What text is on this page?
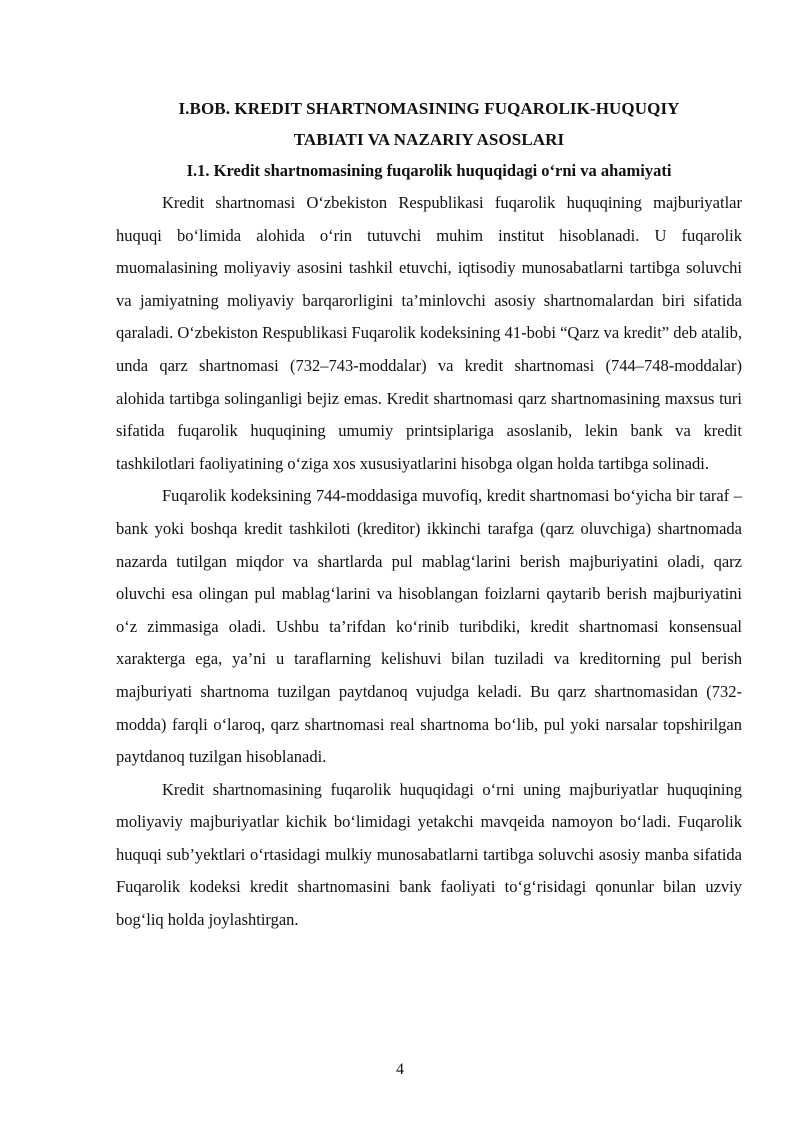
I.BOB. KREDIT SHARTNOMASINING FUQAROLIK-HUQUQIY

TABIATI VA NAZARIY ASOSLARI

I.1. Kredit shartnomasining fuqarolik huquqidagi o‘rni va ahamiyati

Kredit shartnomasi O‘zbekiston Respublikasi fuqarolik huquqining majburiyatlar huquqi bo‘limida alohida o‘rin tutuvchi muhim institut hisoblanadi. U fuqarolik muomalasining moliyaviy asosini tashkil etuvchi, iqtisodiy munosabatlarni tartibga soluvchi va jamiyatning moliyaviy barqarorligini ta’minlovchi asosiy shartnomalardan biri sifatida qaraladi. O‘zbekiston Respublikasi Fuqarolik kodeksining 41-bobi “Qarz va kredit” deb atalib, unda qarz shartnomasi (732–743-moddalar) va kredit shartnomasi (744–748-moddalar) alohida tartibga solinganligi bejiz emas. Kredit shartnomasi qarz shartnomasining maxsus turi sifatida fuqarolik huquqining umumiy printsiplariga asoslanib, lekin bank va kredit tashkilotlari faoliyatining o‘ziga xos xususiyatlarini hisobga olgan holda tartibga solinadi.

Fuqarolik kodeksining 744-moddasiga muvofiq, kredit shartnomasi bo‘yicha bir taraf – bank yoki boshqa kredit tashkiloti (kreditor) ikkinchi tarafga (qarz oluvchiga) shartnomada nazarda tutilgan miqdor va shartlarda pul mablag‘larini berish majburiyatini oladi, qarz oluvchi esa olingan pul mablag‘larini va hisoblangan foizlarni qaytarib berish majburiyatini o‘z zimmasiga oladi. Ushbu ta’rifdan ko‘rinib turibdiki, kredit shartnomasi konsensual xarakterga ega, ya’ni u taraflarning kelishuvi bilan tuziladi va kreditorning pul berish majburiyati shartnoma tuzilgan paytdanoq vujudga keladi. Bu qarz shartnomasidan (732-modda) farqli o‘laroq, qarz shartnomasi real shartnoma bo‘lib, pul yoki narsalar topshirilgan paytdanoq tuzilgan hisoblanadi.

Kredit shartnomasining fuqarolik huquqidagi o‘rni uning majburiyatlar huquqining moliyaviy majburiyatlar kichik bo‘limidagi yetakchi mavqeida namoyon bo‘ladi. Fuqarolik huquqi sub’yektlari o‘rtasidagi mulkiy munosabatlarni tartibga soluvchi asosiy manba sifatida Fuqarolik kodeksi kredit shartnomasini bank faoliyati to‘g‘risidagi qonunlar bilan uzviy bog‘liq holda joylashtirgan.

4
